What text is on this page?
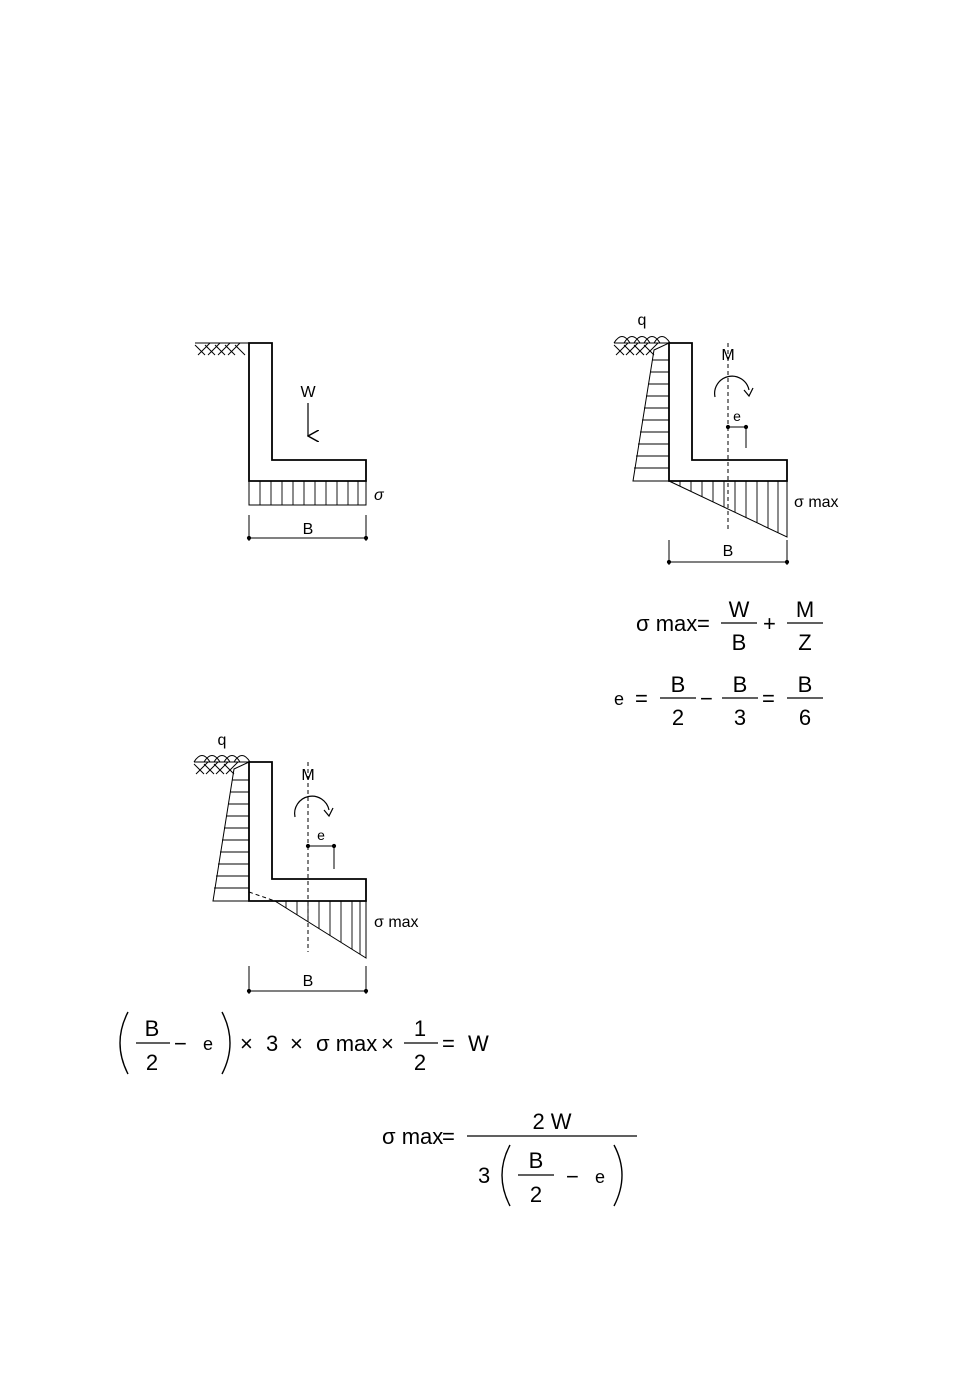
W
σ
B
q
M
e
σ max
B
σ max =
W
B
+
M
Z
e =
B
2
−
B
3
=
B
6
q
M
e
σ max
B
B
2
− e × 3 × σ max ×
1
2
= W
σ max
=
2 W
3
B
2
− e
